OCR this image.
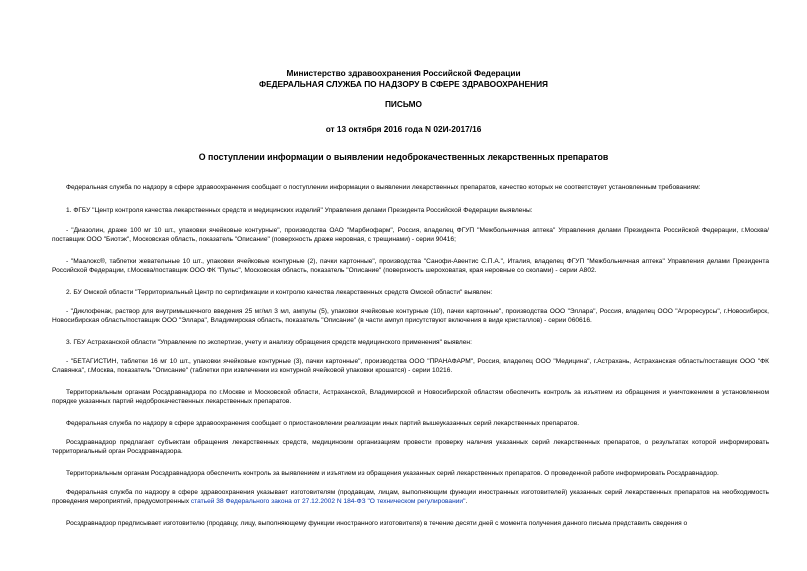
Министерство здравоохранения Российской Федерации
ФЕДЕРАЛЬНАЯ СЛУЖБА ПО НАДЗОРУ В СФЕРЕ ЗДРАВООХРАНЕНИЯ
ПИСЬМО
от 13 октября 2016 года N 02И-2017/16
О поступлении информации о выявлении недоброкачественных лекарственных препаратов

Федеральная служба по надзору в сфере здравоохранения сообщает о поступлении информации о выявлении лекарственных препаратов, качество которых не соответствует установленным требованиям:

1. ФГБУ "Центр контроля качества лекарственных средств и медицинских изделий" Управления делами Президента Российской Федерации выявлены:

- "Диазолин, драже 100 мг 10 шт., упаковки ячейковые контурные", производства ОАО "Марбиофарм", Россия, владелец ФГУП "Межбольничная аптека" Управления делами Президента Российской Федерации, г.Москва/поставщик ООО "Биотэк", Московская область, показатель "Описание" (поверхность драже неровная, с трещинами) - серии 90416;

- "Маалокс®, таблетки жевательные 10 шт., упаковки ячейковые контурные (2), пачки картонные", производства "Санофи-Авентис С.П.А.", Италия, владелец ФГУП "Межбольничная аптека" Управления делами Президента Российской Федерации, г.Москва/поставщик ООО ФК "Пульс", Московская область, показатель "Описание" (поверхность шероховатая, края неровные со сколами) - серии А802.

2. БУ Омской области "Территориальный Центр по сертификации и контролю качества лекарственных средств Омской области" выявлен:

- "Диклофенак, раствор для внутримышечного введения 25 мг/мл 3 мл, ампулы (5), упаковки ячейковые контурные (10), пачки картонные", производства ООО "Эллара", Россия, владелец ООО "Агроресурсы", г.Новосибирск, Новосибирская область/поставщик ООО "Эллара", Владимирская область, показатель "Описание" (в части ампул присутствуют включения в виде кристаллов) - серии 060616.

3. ГБУ Астраханской области "Управление по экспертизе, учету и анализу обращения средств медицинского применения" выявлен:

- "БЕТАГИСТИН, таблетки 16 мг 10 шт., упаковки ячейковые контурные (3), пачки картонные", производства ООО "ПРАНАФАРМ", Россия, владелец ООО "Медицина", г.Астрахань, Астраханская область/поставщик ООО "ФК Славянка", г.Москва, показатель "Описание" (таблетки при извлечении из контурной ячейковой упаковки крошатся) - серии 10216.

Территориальным органам Росздравнадзора по г.Москве и Московской области, Астраханской, Владимирской и Новосибирской областям обеспечить контроль за изъятием из обращения и уничтожением в установленном порядке указанных партий недоброкачественных лекарственных препаратов.

Федеральная служба по надзору в сфере здравоохранения сообщает о приостановлении реализации иных партий вышеуказанных серий лекарственных препаратов.

Росздравнадзор предлагает субъектам обращения лекарственных средств, медицинским организациям провести проверку наличия указанных серий лекарственных препаратов, о результатах которой информировать территориальный орган Росздравнадзора.

Территориальным органам Росздравнадзора обеспечить контроль за выявлением и изъятием из обращения указанных серий лекарственных препаратов. О проведенной работе информировать Росздравнадзор.

Федеральная служба по надзору в сфере здравоохранения указывает изготовителям (продавцам, лицам, выполняющим функции иностранных изготовителей) указанных серий лекарственных препаратов на необходимость проведения мероприятий, предусмотренных статьей 38 Федерального закона от 27.12.2002 N 184-ФЗ "О техническом регулировании".

Росздравнадзор предписывает изготовителю (продавцу, лицу, выполняющему функции иностранного изготовителя) в течение десяти дней с момента получения данного письма представить сведения о
